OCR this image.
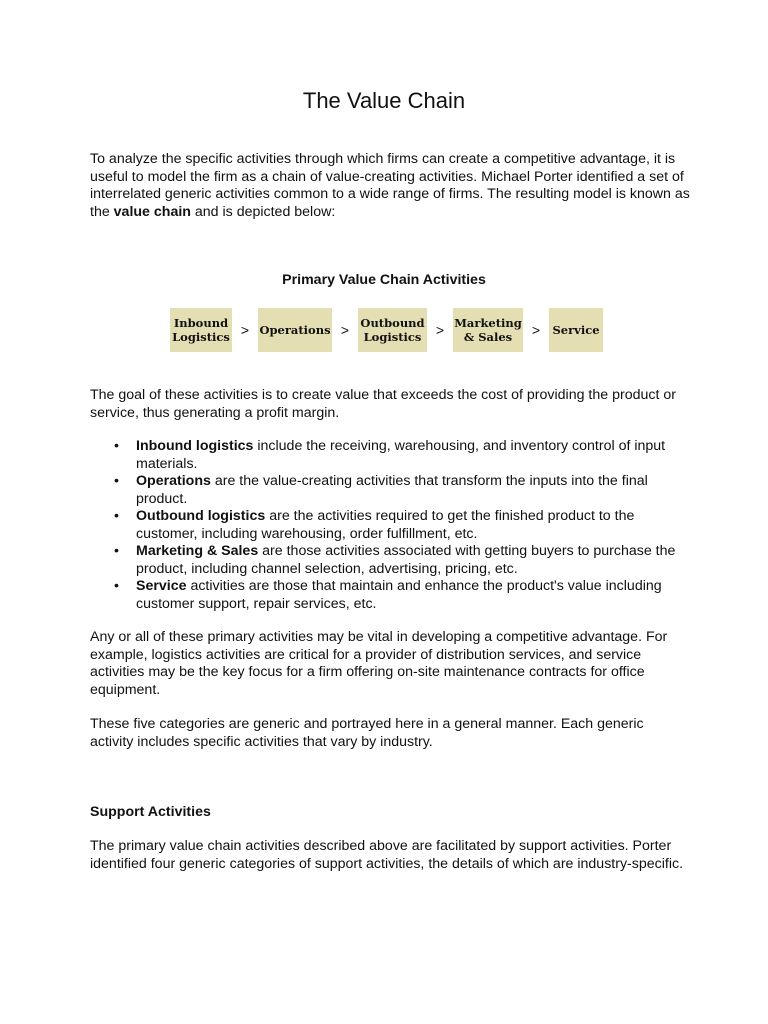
The Value Chain

To analyze the specific activities through which firms can create a competitive advantage, it is useful to model the firm as a chain of value-creating activities. Michael Porter identified a set of interrelated generic activities common to a wide range of firms. The resulting model is known as the value chain and is depicted below:

Primary Value Chain Activities
Inbound
Logistics > Operations > Outbound
Logistics	> Marketing
& Sales	>	Service

The goal of these activities is to create value that exceeds the cost of providing the product or service, thus generating a profit margin.

• Inbound logistics include the receiving, warehousing, and inventory control of input materials.
• Operations are the value-creating activities that transform the inputs into the final product.
• Outbound logistics are the activities required to get the finished product to the customer, including warehousing, order fulfillment, etc.
• Marketing & Sales are those activities associated with getting buyers to purchase the product, including channel selection, advertising, pricing, etc.
• Service activities are those that maintain and enhance the product's value including customer support, repair services, etc.

Any or all of these primary activities may be vital in developing a competitive advantage. For example, logistics activities are critical for a provider of distribution services, and service activities may be the key focus for a firm offering on-site maintenance contracts for office equipment.

These five categories are generic and portrayed here in a general manner. Each generic activity includes specific activities that vary by industry.

Support Activities

The primary value chain activities described above are facilitated by support activities. Porter identified four generic categories of support activities, the details of which are industry-specific.
